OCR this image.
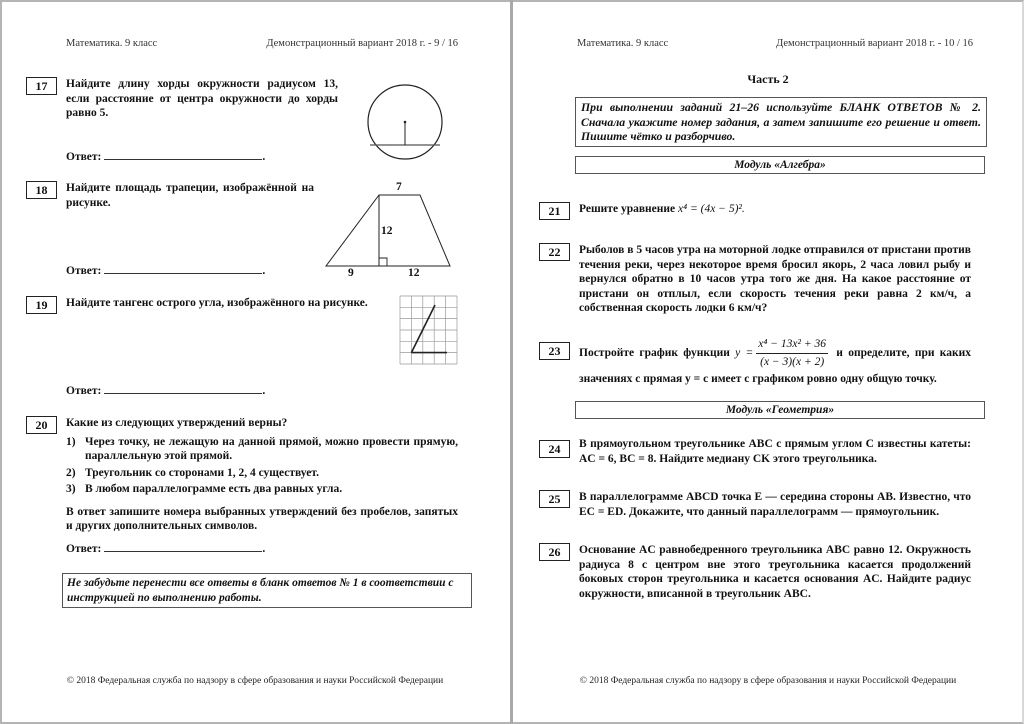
Математика. 9 класс	Демонстрационный вариант 2018 г. - 9 / 16
17	Найдите длину хорды окружности радиусом 13, если расстояние от центра окружности до хорды равно 5.
Ответ:	.
18	Найдите площадь трапеции, изображённой на рисунке.
7
12
9	12
Ответ:	.
19	Найдите тангенс острого угла, изображённого на рисунке.
Ответ:	.
20	Какие из следующих утверждений верны?
1) Через точку, не лежащую на данной прямой, можно провести прямую, параллельную этой прямой.
2) Треугольник со сторонами 1, 2, 4 существует.
3) В любом параллелограмме есть два равных угла.
В ответ запишите номера выбранных утверждений без пробелов, запятых и других дополнительных символов.
Ответ:	.
Не забудьте перенести все ответы в бланк ответов № 1 в соответствии с инструкцией по выполнению работы.
© 2018 Федеральная служба по надзору в сфере образования и науки Российской Федерации
Математика. 9 класс	Демонстрационный вариант 2018 г. - 10 / 16
Часть 2
При выполнении заданий 21–26 используйте БЛАНК ОТВЕТОВ № 2. Сначала укажите номер задания, а затем запишите его решение и ответ. Пишите чётко и разборчиво.
Модуль «Алгебра»
21	Решите уравнение x⁴ = (4x − 5)².
22	Рыболов в 5 часов утра на моторной лодке отправился от пристани против течения реки, через некоторое время бросил якорь, 2 часа ловил рыбу и вернулся обратно в 10 часов утра того же дня. На какое расстояние от пристани он отплыл, если скорость течения реки равна 2 км/ч, а собственная скорость лодки 6 км/ч?
23	Постройте график функции $y = \frac{\text{x⁴ − 13x² + 36}}{(x - 3)(x + 2)}$ и определите, при каких значениях c прямая y = c имеет с графиком ровно одну общую точку.
Модуль «Геометрия»
24	В прямоугольном треугольнике ABC с прямым углом C известны катеты: AC = 6, BC = 8. Найдите медиану CK этого треугольника.
25	В параллелограмме ABCD точка E — середина стороны AB. Известно, что EC = ED. Докажите, что данный параллелограмм — прямоугольник.
26	Основание AC равнобедренного треугольника ABC равно 12. Окружность радиуса 8 с центром вне этого треугольника касается продолжений боковых сторон треугольника и касается основания AC. Найдите радиус окружности, вписанной в треугольник ABC.
© 2018 Федеральная служба по надзору в сфере образования и науки Российской Федерации
